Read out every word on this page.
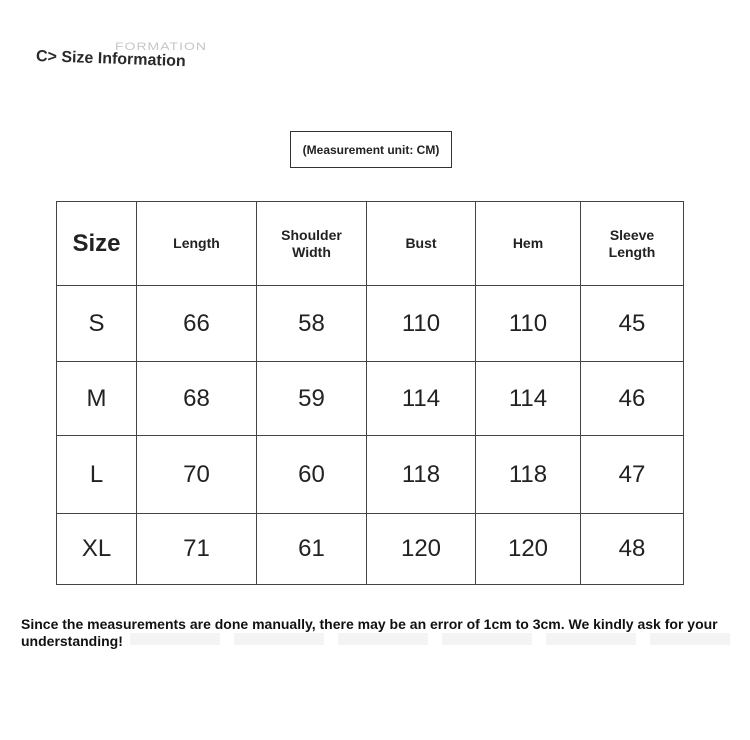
FORMATION
C> Size Information
(Measurement unit: CM)
Size	Length	Shoulder Width	Bust	Hem	Sleeve Length
S	66	58	110	110	45
M	68	59	114	114	46
L	70	60	118	118	47
XL	71	61	120	120	48
Since the measurements are done manually, there may be an error of 1cm to 3cm. We kindly ask for your understanding!
